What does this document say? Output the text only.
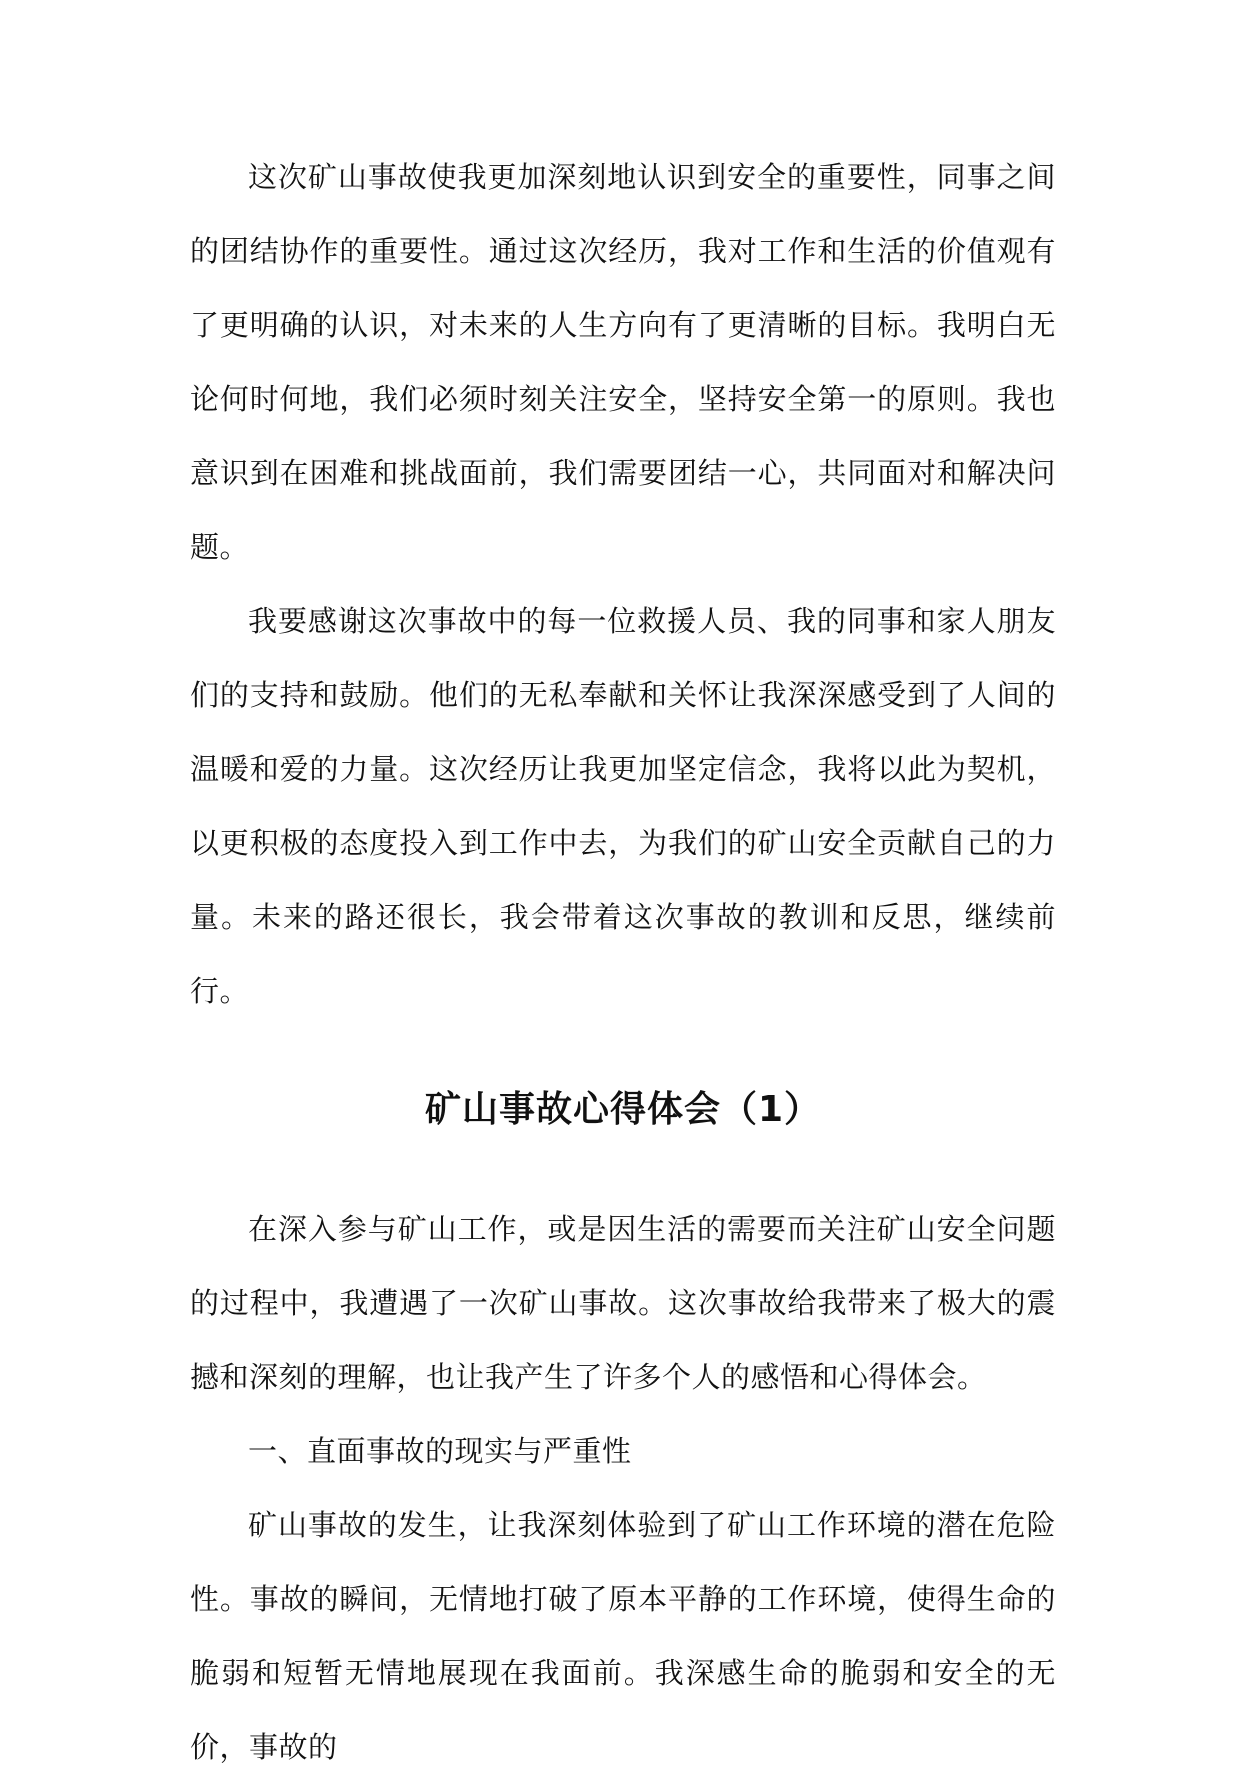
这次矿山事故使我更加深刻地认识到安全的重要性，同事之间的团结协作的重要性。通过这次经历，我对工作和生活的价值观有了更明确的认识，对未来的人生方向有了更清晰的目标。我明白无论何时何地，我们必须时刻关注安全，坚持安全第一的原则。我也意识到在困难和挑战面前，我们需要团结一心，共同面对和解决问题。

我要感谢这次事故中的每一位救援人员、我的同事和家人朋友们的支持和鼓励。他们的无私奉献和关怀让我深深感受到了人间的温暖和爱的力量。这次经历让我更加坚定信念，我将以此为契机，以更积极的态度投入到工作中去，为我们的矿山安全贡献自己的力量。未来的路还很长，我会带着这次事故的教训和反思，继续前行。

矿山事故心得体会（1）

在深入参与矿山工作，或是因生活的需要而关注矿山安全问题的过程中，我遭遇了一次矿山事故。这次事故给我带来了极大的震撼和深刻的理解，也让我产生了许多个人的感悟和心得体会。

一、直面事故的现实与严重性

矿山事故的发生，让我深刻体验到了矿山工作环境的潜在危险性。事故的瞬间，无情地打破了原本平静的工作环境，使得生命的脆弱和短暂无情地展现在我面前。我深感生命的脆弱和安全的无价，事故的
